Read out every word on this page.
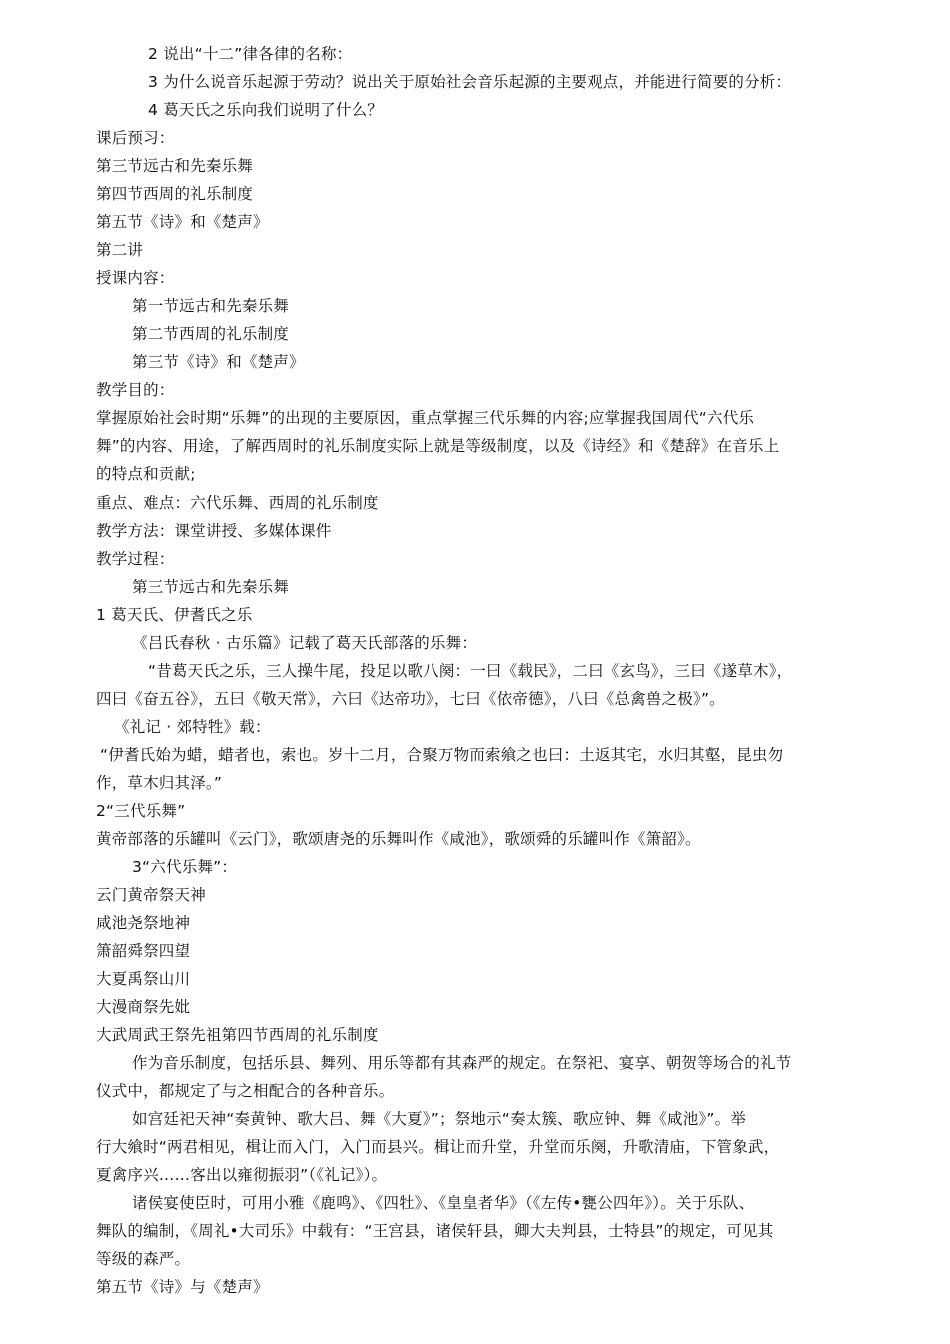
2 说出“十二”律各律的名称：
3 为什么说音乐起源于劳动？说出关于原始社会音乐起源的主要观点，并能进行简要的分析：
4 葛天氏之乐向我们说明了什么？
课后预习：
第三节远古和先秦乐舞
第四节西周的礼乐制度
第五节《诗》和《楚声》
第二讲
授课内容：
第一节远古和先秦乐舞
第二节西周的礼乐制度
第三节《诗》和《楚声》
教学目的：
掌握原始社会时期“乐舞”的出现的主要原因，重点掌握三代乐舞的内容;应掌握我国周代“六代乐
舞”的内容、用途，了解西周时的礼乐制度实际上就是等级制度，以及《诗经》和《楚辞》在音乐上
的特点和贡献;
重点、难点：六代乐舞、西周的礼乐制度
教学方法：课堂讲授、多媒体课件
教学过程：
第三节远古和先秦乐舞
1 葛天氏、伊耆氏之乐
《吕氏春秋 · 古乐篇》记载了葛天氏部落的乐舞：
“昔葛天氏之乐，三人操牛尾，投足以歌八阕：一曰《载民》，二曰《玄鸟》，三曰《遂草木》，
四曰《奋五谷》，五曰《敬天常》，六曰《达帝功》，七曰《依帝德》，八曰《总禽兽之极》”。
《礼记 · 郊特牲》载：
“伊耆氏始为蜡，蜡者也，索也。岁十二月，合聚万物而索飨之也曰：土返其宅，水归其壑，昆虫勿
作，草木归其泽。”
2“三代乐舞”
黄帝部落的乐罐叫《云门》，歌颂唐尧的乐舞叫作《咸池》，歌颂舜的乐罐叫作《箫韶》。
3“六代乐舞”：
云门黄帝祭天神
咸池尧祭地神
箫韶舜祭四望
大夏禹祭山川
大漫商祭先妣
大武周武王祭先祖第四节西周的礼乐制度
作为音乐制度，包括乐县、舞列、用乐等都有其森严的规定。在祭祀、宴享、朝贺等场合的礼节
仪式中，都规定了与之相配合的各种音乐。
如宫廷祀天神“奏黄钟、歌大吕、舞《大夏》”；祭地示“奏太簇、歌应钟、舞《咸池》”。举
行大飨时“两君相见，楫让而入门，入门而县兴。楫让而升堂，升堂而乐阕，升歌清庙，下管象武，
夏禽序兴……客出以雍彻振羽”（《礼记》）。
诸侯宴使臣时，可用小雅《鹿鸣》、《四牡》、《皇皇者华》（《左传•甕公四年》）。关于乐队、
舞队的编制，《周礼•大司乐》中载有：“王宫县，诸侯轩县，卿大夫判县，士特县”的规定，可见其
等级的森严。
第五节《诗》与《楚声》
